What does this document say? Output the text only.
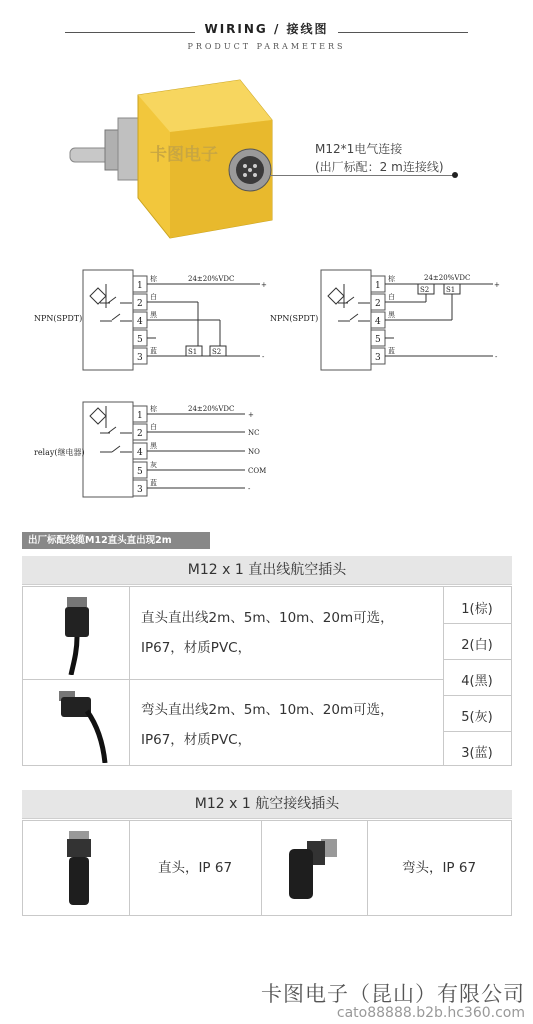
WIRING / 接线图
PRODUCT PARAMETERS
卡图电子	M12*1电气连接
(出厂标配：2 m连接线)
1
2
4
5
3
棕
白
黑
蓝
24±20%VDC
+
-
S1 S2
NPN(SPDT)
1
2
4
5
3
棕
白
黑
蓝
24±20%VDC
+
-
S2 S1
NPN(SPDT)
1
2
4
5
3
棕
白
黑
灰
蓝
24±20%VDC
+
NC
NO
COM
-
relay(继电器)
出厂标配线缆M12直头直出现2m
M12 x 1 直出线航空插头
直头直出线2m、5m、10m、20m可选，
IP67，材质PVC，
弯头直出线2m、5m、10m、20m可选，
IP67，材质PVC，
1(棕)
2(白)
4(黑)
5(灰)
3(蓝)
M12 x 1 航空接线插头
直头，IP 67	弯头，IP 67
卡图电子（昆山）有限公司
cato88888.b2b.hc360.com
